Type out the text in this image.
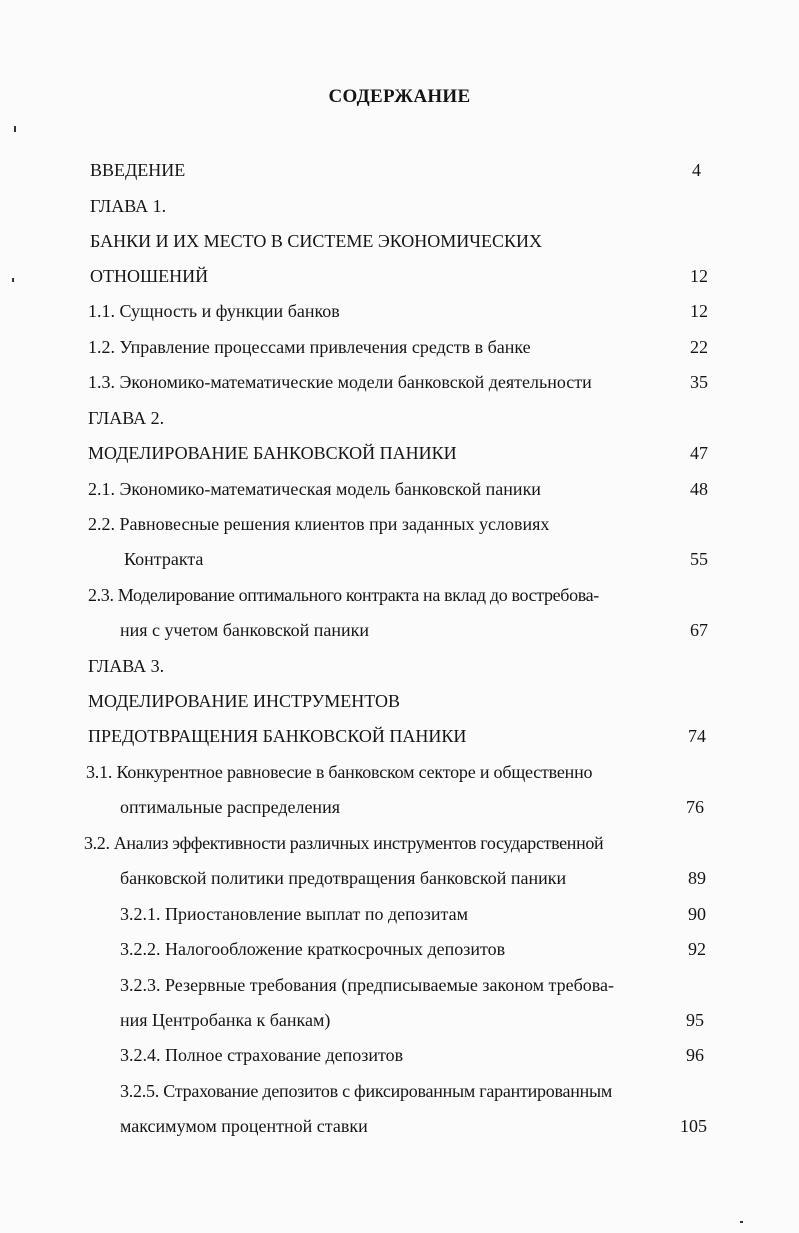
СОДЕРЖАНИЕ
ВВЕДЕНИЕ	4
ГЛАВА 1.
БАНКИ И ИХ МЕСТО В СИСТЕМЕ ЭКОНОМИЧЕСКИХ
ОТНОШЕНИЙ	12
1.1. Сущность и функции банков	12
1.2. Управление процессами привлечения средств в банке	22
1.3. Экономико-математические модели банковской деятельности	35
ГЛАВА 2.
МОДЕЛИРОВАНИЕ БАНКОВСКОЙ ПАНИКИ	47
2.1. Экономико-математическая модель банковской паники	48
2.2. Равновесные решения клиентов при заданных условиях
Контракта	55
2.3. Моделирование оптимального контракта на вклад до востребова-
ния с учетом банковской паники	67
ГЛАВА 3.
МОДЕЛИРОВАНИЕ ИНСТРУМЕНТОВ
ПРЕДОТВРАЩЕНИЯ БАНКОВСКОЙ ПАНИКИ	74
3.1. Конкурентное равновесие в банковском секторе и общественно
оптимальные распределения	76
3.2. Анализ эффективности различных инструментов государственной
банковской политики предотвращения банковской паники	89
3.2.1. Приостановление выплат по депозитам	90
3.2.2. Налогообложение краткосрочных депозитов	92
3.2.3. Резервные требования (предписываемые законом требова-
ния Центробанка к банкам)	95
3.2.4. Полное страхование депозитов	96
3.2.5. Страхование депозитов с фиксированным гарантированным
максимумом процентной ставки	105
